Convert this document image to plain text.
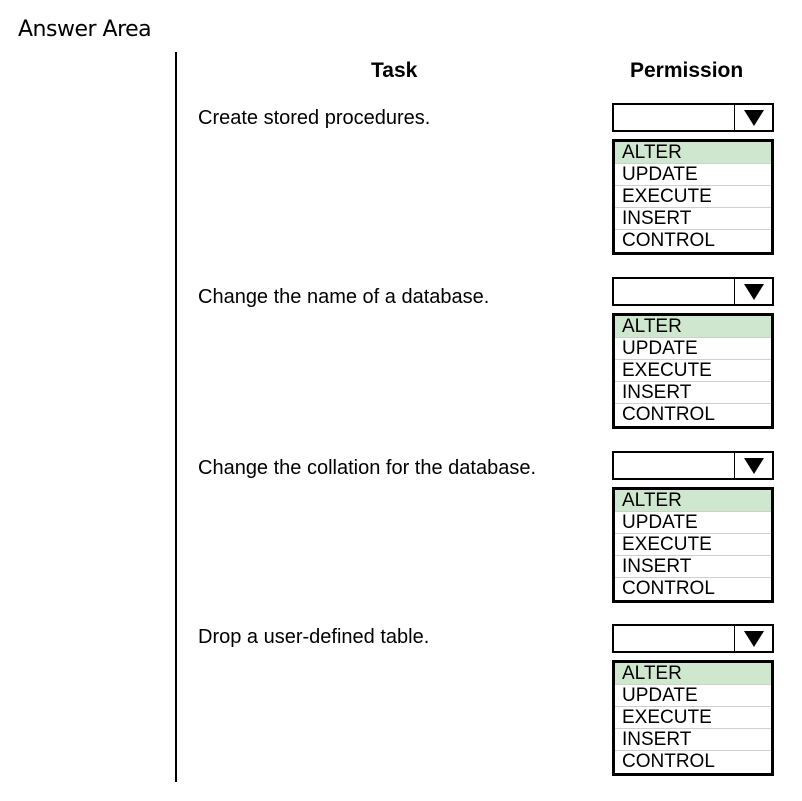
Answer Area
Task	Permission
Create stored procedures.
ALTER
UPDATE
EXECUTE
INSERT
CONTROL
Change the name of a database.
ALTER
UPDATE
EXECUTE
INSERT
CONTROL
Change the collation for the database.
ALTER
UPDATE
EXECUTE
INSERT
CONTROL
Drop a user-defined table.
ALTER
UPDATE
EXECUTE
INSERT
CONTROL
